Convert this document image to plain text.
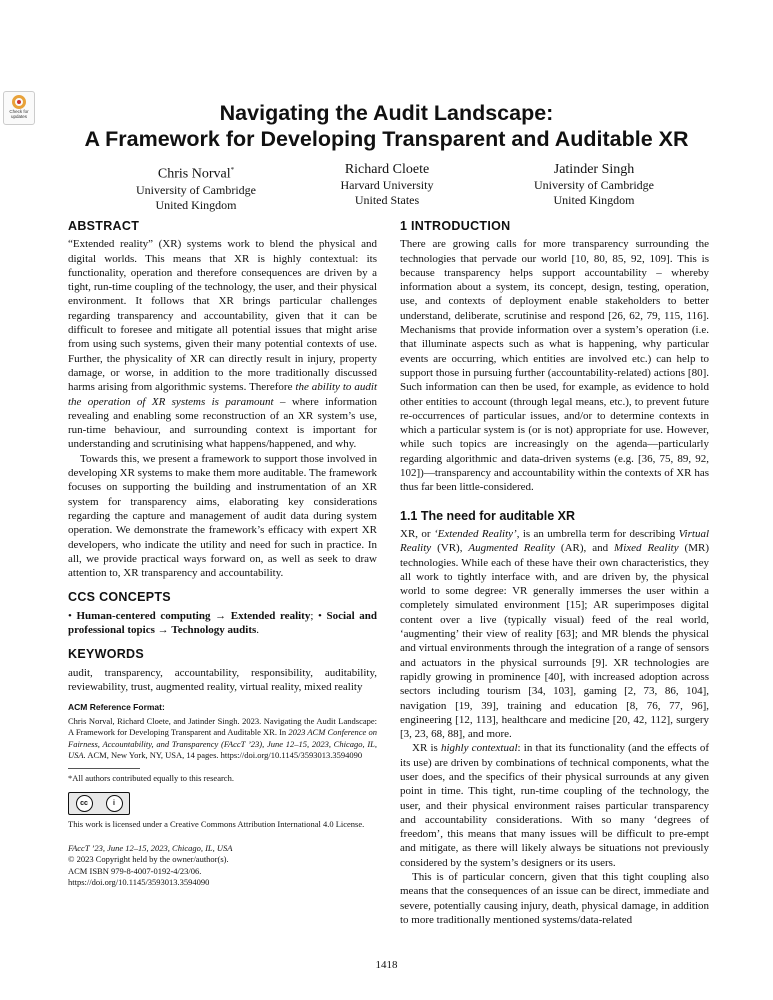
Check for updates	Navigating the Audit Landscape:
A Framework for Developing Transparent and Auditable XR
Chris Norval*
University of Cambridge
United Kingdom
Richard Cloete
Harvard University
United States
Jatinder Singh
University of Cambridge
United Kingdom
ABSTRACT

“Extended reality” (XR) systems work to blend the physical and digital worlds. This means that XR is highly contextual: its functionality, operation and therefore consequences are driven by a tight, run-time coupling of the technology, the user, and their physical environment. It follows that XR brings particular challenges regarding transparency and accountability, given that it can be difficult to foresee and mitigate all potential issues that might arise from using such systems, given their many potential contexts of use. Further, the physicality of XR can directly result in injury, property damage, or worse, in addition to the more traditionally discussed harms arising from algorithmic systems. Therefore the ability to audit the operation of XR systems is paramount – where information revealing and enabling some reconstruction of an XR system’s use, run-time behaviour, and surrounding context is important for understanding and scrutinising what happens/happened, and why.

Towards this, we present a framework to support those involved in developing XR systems to make them more auditable. The framework focuses on supporting the building and instrumentation of an XR system for transparency aims, elaborating key considerations regarding the capture and management of audit data during system operation. We demonstrate the framework’s efficacy with expert XR developers, who indicate the utility and need for such in practice. In all, we provide practical ways forward on, as well as seek to draw attention to, XR transparency and accountability.

CCS CONCEPTS

• Human-centered computing → Extended reality; • Social and professional topics → Technology audits.

KEYWORDS

audit, transparency, accountability, responsibility, auditability, reviewability, trust, augmented reality, virtual reality, mixed reality

ACM Reference Format:

Chris Norval, Richard Cloete, and Jatinder Singh. 2023. Navigating the Audit Landscape: A Framework for Developing Transparent and Auditable XR. In 2023 ACM Conference on Fairness, Accountability, and Transparency (FAccT ’23), June 12–15, 2023, Chicago, IL, USA. ACM, New York, NY, USA, 14 pages. https://doi.org/10.1145/3593013.3594090

*All authors contributed equally to this research.

cc	i

This work is licensed under a Creative Commons Attribution International 4.0 License.

FAccT ’23, June 12–15, 2023, Chicago, IL, USA
© 2023 Copyright held by the owner/author(s).
ACM ISBN 979-8-4007-0192-4/23/06.
https://doi.org/10.1145/3593013.3594090

1 INTRODUCTION

There are growing calls for more transparency surrounding the technologies that pervade our world [10, 80, 85, 92, 109]. This is because transparency helps support accountability – whereby information about a system, its concept, design, testing, operation, use, and contexts of deployment enable stakeholders to better understand, deliberate, scrutinise and respond [26, 62, 79, 115, 116]. Mechanisms that provide information over a system’s operation (i.e. that illuminate aspects such as what is happening, why particular events are occurring, which entities are involved etc.) can help to support those in pursuing further (accountability-related) actions [80]. Such information can then be used, for example, as evidence to hold other entities to account (through legal means, etc.), to prevent future re-occurrences of particular issues, and/or to determine contexts in which a particular system is (or is not) appropriate for use. However, while such topics are increasingly on the agenda—particularly regarding algorithmic and data-driven systems (e.g. [36, 75, 89, 92, 102])—transparency and accountability within the contexts of XR has thus far been little-considered.

1.1 The need for auditable XR

XR, or ‘Extended Reality’, is an umbrella term for describing Virtual Reality (VR), Augmented Reality (AR), and Mixed Reality (MR) technologies. While each of these have their own characteristics, they all work to tightly interface with, and are driven by, the physical world to some degree: VR generally immerses the user within a completely simulated environment [15]; AR superimposes digital content over a live (typically visual) feed of the real world, ‘augmenting’ their view of reality [63]; and MR blends the physical and virtual environments through the integration of a range of sensors and actuators in the physical surrounds [9]. XR technologies are rapidly growing in prominence [40], with increased adoption across sectors including tourism [34, 103], gaming [2, 73, 86, 104], navigation [19, 39], training and education [8, 76, 77, 96], engineering [12, 113], healthcare and medicine [20, 42, 112], surgery [3, 23, 68, 88], and more.

XR is highly contextual: in that its functionality (and the effects of its use) are driven by combinations of technical components, what the user does, and the specifics of their physical surrounds at any given point in time. This tight, run-time coupling of the technology, the user, and their physical environment raises particular transparency and accountability considerations. With so many ‘degrees of freedom’, this means that many issues will be difficult to pre-empt and mitigate, as there will likely always be situations not previously considered by the system’s designers or its users.

This is of particular concern, given that this tight coupling also means that the consequences of an issue can be direct, immediate and severe, potentially causing injury, death, physical damage, in addition to more traditionally mentioned systems/data-related

1418
